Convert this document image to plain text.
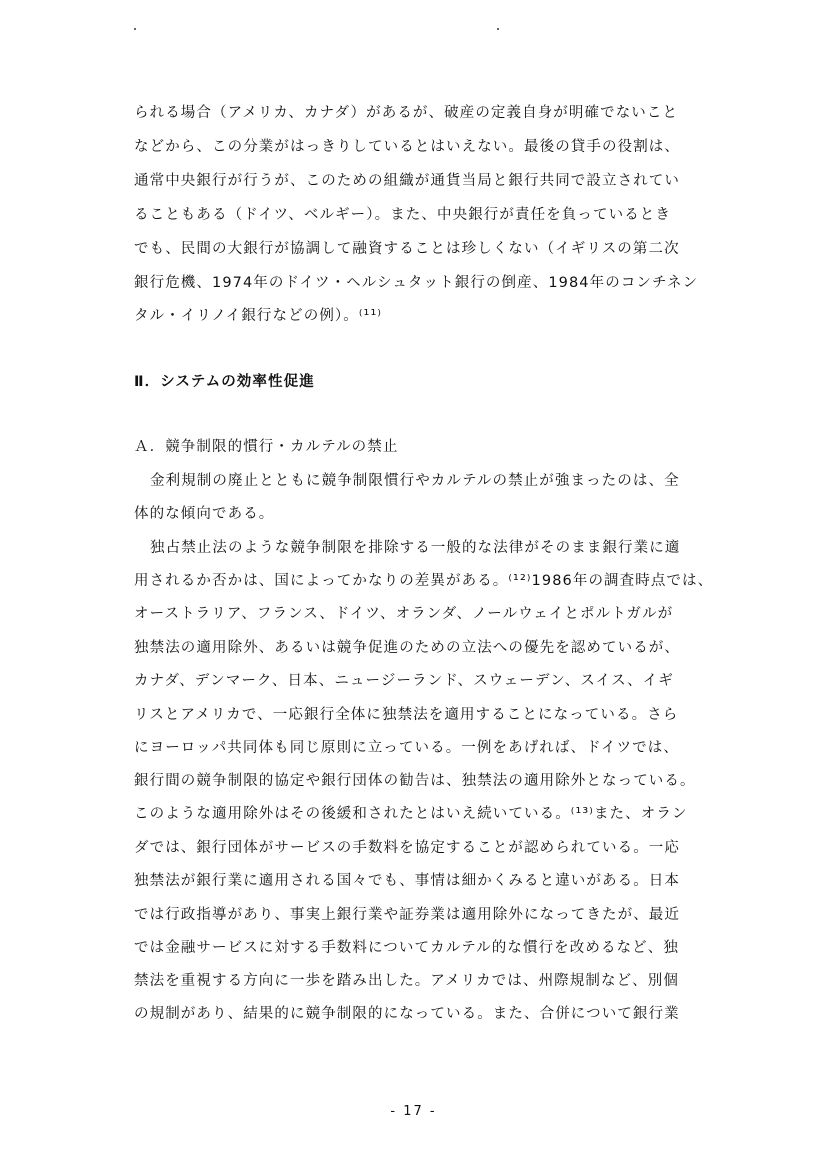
られる場合（アメリカ、カナダ）があるが、破産の定義自身が明確でないこと
などから、この分業がはっきりしているとはいえない。最後の貸手の役割は、
通常中央銀行が行うが、このための組織が通貨当局と銀行共同で設立されてい
ることもある（ドイツ、ベルギー）。また、中央銀行が責任を負っているとき
でも、民間の大銀行が協調して融資することは珍しくない（イギリスの第二次
銀行危機、1974年のドイツ・ヘルシュタット銀行の倒産、1984年のコンチネン
タル・イリノイ銀行などの例）。⁽¹¹⁾
Ⅱ．システムの効率性促進
Ａ．競争制限的慣行・カルテルの禁止
金利規制の廃止とともに競争制限慣行やカルテルの禁止が強まったのは、全
体的な傾向である。
独占禁止法のような競争制限を排除する一般的な法律がそのまま銀行業に適
用されるか否かは、国によってかなりの差異がある。⁽¹²⁾1986年の調査時点では、
オーストラリア、フランス、ドイツ、オランダ、ノールウェイとポルトガルが
独禁法の適用除外、あるいは競争促進のための立法への優先を認めているが、
カナダ、デンマーク、日本、ニュージーランド、スウェーデン、スイス、イギ
リスとアメリカで、一応銀行全体に独禁法を適用することになっている。さら
にヨーロッパ共同体も同じ原則に立っている。一例をあげれば、ドイツでは、
銀行間の競争制限的協定や銀行団体の勧告は、独禁法の適用除外となっている。
このような適用除外はその後緩和されたとはいえ続いている。⁽¹³⁾また、オラン
ダでは、銀行団体がサービスの手数料を協定することが認められている。一応
独禁法が銀行業に適用される国々でも、事情は細かくみると違いがある。日本
では行政指導があり、事実上銀行業や証券業は適用除外になってきたが、最近
では金融サービスに対する手数料についてカルテル的な慣行を改めるなど、独
禁法を重視する方向に一歩を踏み出した。アメリカでは、州際規制など、別個
の規制があり、結果的に競争制限的になっている。また、合併について銀行業
- 17 -
